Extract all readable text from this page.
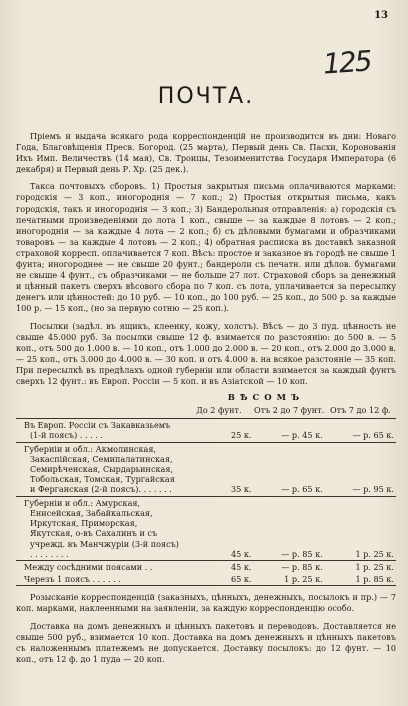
13
125
ПОЧТА.

Пріемъ и выдача всякаго рода корреспонденцій не производится въ дни: Новаго Года, Благовѣщенія Пресв. Богород. (25 марта), Первый день Св. Пасхи, Коронованія Ихъ Имп. Величествъ (14 мая), Св. Троицы, Тезоименитства Государя Императора (6 декабря) и Первый день Р. Хр. (25 дек.).

Такса почтовыхъ сборовъ. 1) Простыя закрытыя письма оплачиваются марками: городскія — 3 коп., иногороднія — 7 коп.; 2) Простыя открытыя письма, какъ городскія, такъ и иногороднія — 3 коп.; 3) Бандерольныя отправленія: а) городскія съ печатными произведеніями до лота 1 коп., свыше — за каждые 8 лотовъ — 2 коп.; иногороднія — за каждые 4 лота — 2 коп.; б) съ дѣловыми бумагами и образчиками товаровъ — за каждые 4 лотовъ — 2 коп.; 4) обратная расписка въ доставкѣ заказной страховой корресп. оплачивается 7 коп. Вѣсъ: простое и заказное въ городѣ не свыше 1 фунта; иногороднее — не свыше 20 фунт.; бандероли съ печатн. или дѣлов. бумагами не свыше 4 фунт., съ образчиками — не больше 27 лот. Страховой сборъ за денежный и цѣнный пакетъ сверхъ вѣсового сбора по 7 коп. съ лота, уплачивается за пересылку денегъ или цѣнностей: до 10 руб. — 10 коп., до 100 руб. — 25 коп., до 500 р. за каждые 100 р. — 15 коп., (но за первую сотню — 25 коп.).

Посылки (задѣл. въ ящикъ, клеенку, кожу, холстъ). Вѣсъ — до 3 пуд. цѣнность не свыше 45.000 руб. За посылки свыше 12 ф. взимается по разстоянію: до 500 в. — 5 коп., отъ 500 до 1.000 в. — 10 коп., отъ 1.000 до 2.000 в. — 20 коп., отъ 2.000 до 3.000 в. — 25 коп., отъ 3.000 до 4.000 в. — 30 коп. и отъ 4.000 в. на всякое разстояніе — 35 коп. При пересылкѣ въ предѣлахъ одной губерніи или области взимается за каждый фунтъ сверхъ 12 фунт.: въ Европ. Россіи — 5 коп. и въ Азіатской — 10 коп.

ВѢСОМЪ
	До 2 фунт.	Отъ 2 до 7 фунт.	Отъ 7 до 12 ф.
Въ Европ. Россіи съ Закавказьемъ (1-й поясъ) . . . . .	25 к.	— р. 45 к.	— р. 65 к.
Губерніи и обл.: Акмолинская, Закаспійская, Семипалатинская, Семирѣченская, Сырдарьинская, Тобольская, Томская, Тургайская и Ферганская (2-й поясъ). . . . . . .	35 к.	— р. 65 к.	— р. 95 к.
Губерніи и обл.: Амурская, Енисейская, Забайкальская, Иркутская, Приморская, Якутская, о-въ Сахалинъ и съ учрежд. въ Манчжуріи (3-й поясъ) . . . . . . . .	45 к.	— р. 85 к.	1 р. 25 к.
Между сосѣдними поясами . .	45 к.	— р. 85 к.	1 р. 25 к.
Черезъ 1 поясъ . . . . . .	65 к.	1 р. 25 к.	1 р. 85 к.

Розысканіе корреспонденцій (заказныхъ, цѣнныхъ, денежныхъ, посылокъ и пр.) — 7 коп. марками, наклеенными на заявленіи, за каждую корреспонденцію особо.

Доставка на домъ денежныхъ и цѣнныхъ пакетовъ и переводовъ. Доставляется не свыше 500 руб., взимается 10 коп. Доставка на домъ денежныхъ и цѣнныхъ пакетовъ съ наложеннымъ платежемъ не допускается. Доставку посылокъ: до 12 фунт. — 10 коп., отъ 12 ф. до 1 пуда — 20 коп.
